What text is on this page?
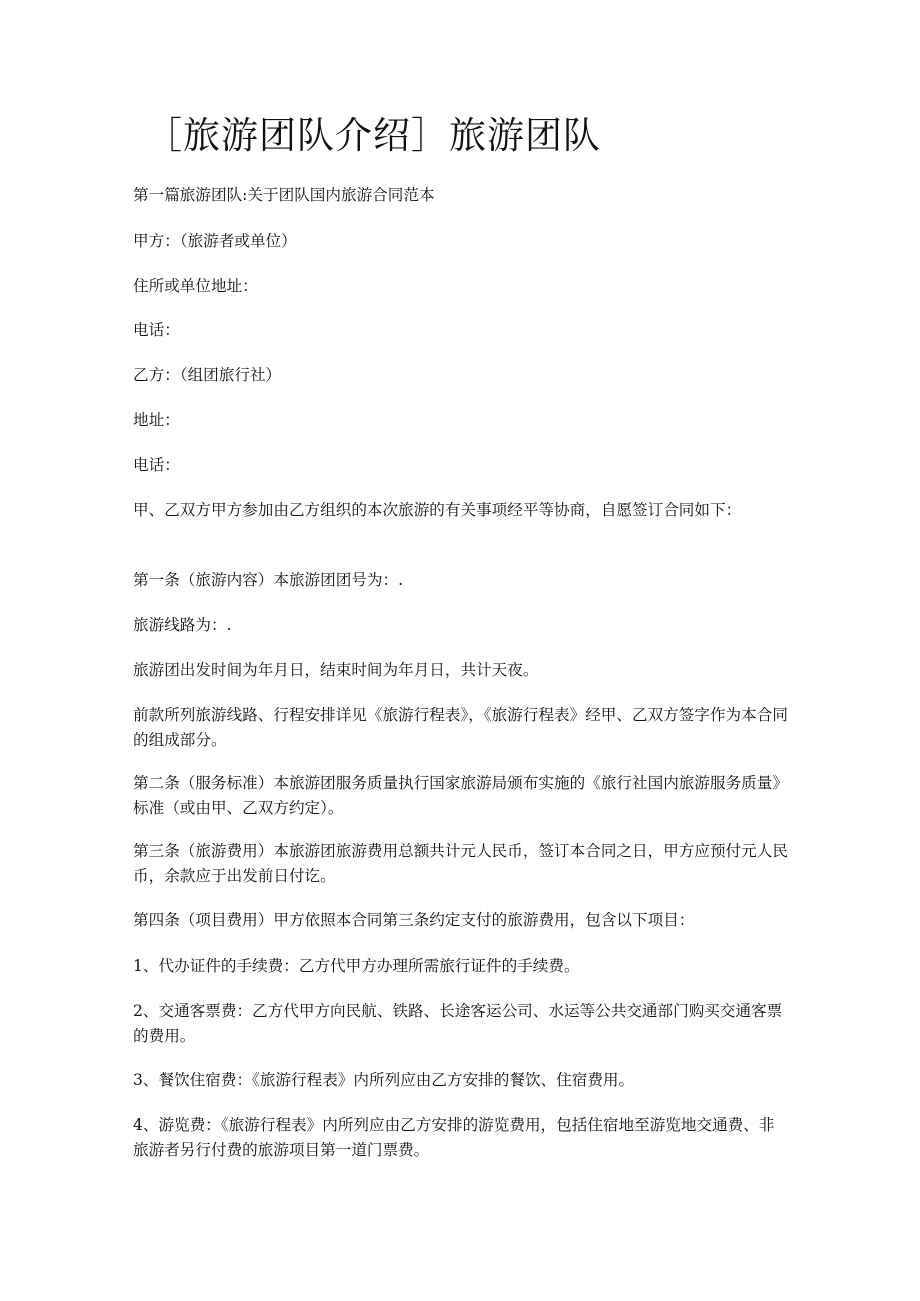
［旅游团队介绍］旅游团队

第一篇旅游团队:关于团队国内旅游合同范本

甲方：（旅游者或单位）

住所或单位地址：

电话：

乙方：（组团旅行社）

地址：

电话：

甲、乙双方甲方参加由乙方组织的本次旅游的有关事项经平等协商，自愿签订合同如下：

第一条（旅游内容）本旅游团团号为：.

旅游线路为：.

旅游团出发时间为年月日，结束时间为年月日，共计天夜。

前款所列旅游线路、行程安排详见《旅游行程表》，《旅游行程表》经甲、乙双方签字作为本合同的组成部分。

第二条（服务标准）本旅游团服务质量执行国家旅游局颁布实施的《旅行社国内旅游服务质量》标准（或由甲、乙双方约定）。

第三条（旅游费用）本旅游团旅游费用总额共计元人民币，签订本合同之日，甲方应预付元人民币，余款应于出发前日付讫。

第四条（项目费用）甲方依照本合同第三条约定支付的旅游费用，包含以下项目：

1、代办证件的手续费：乙方代甲方办理所需旅行证件的手续费。

2、交通客票费：乙方代甲方向民航、铁路、长途客运公司、水运等公共交通部门购买交通客票的费用。

3、餐饮住宿费：《旅游行程表》内所列应由乙方安排的餐饮、住宿费用。

4、游览费：《旅游行程表》内所列应由乙方安排的游览费用，包括住宿地至游览地交通费、非旅游者另行付费的旅游项目第一道门票费。
